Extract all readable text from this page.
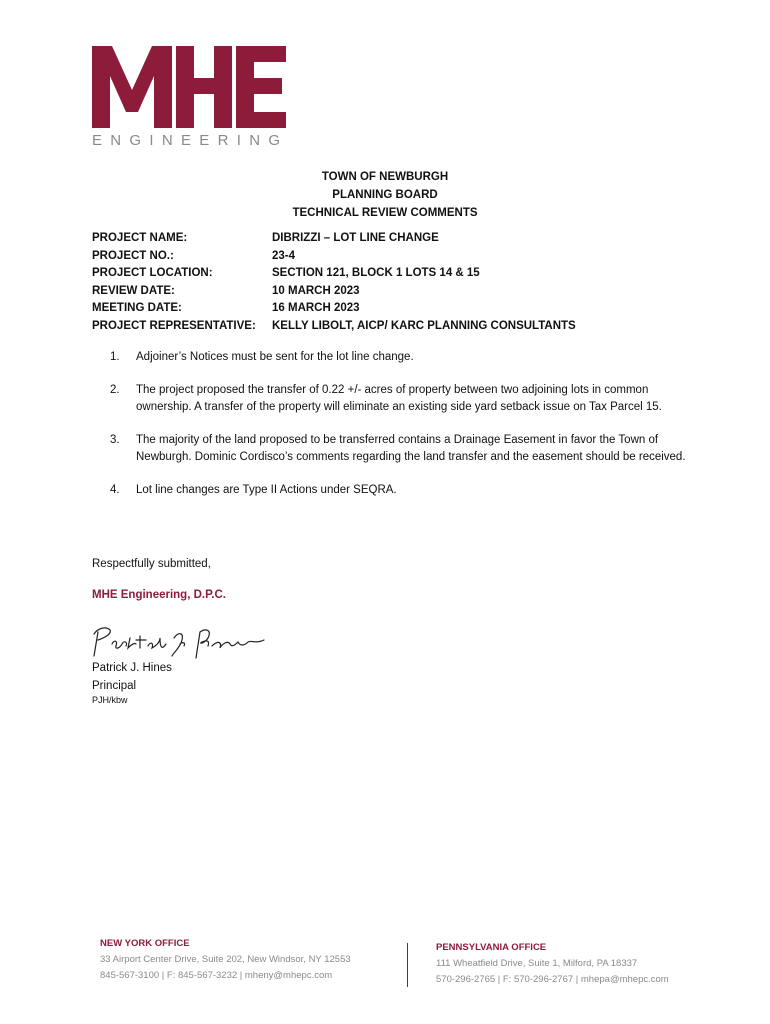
ENGINEERING
TOWN OF NEWBURGH
PLANNING BOARD
TECHNICAL REVIEW COMMENTS
PROJECT NAME:	DIBRIZZI – LOT LINE CHANGE
PROJECT NO.:	23-4
PROJECT LOCATION:	SECTION 121, BLOCK 1 LOTS 14 & 15
REVIEW DATE:	10 MARCH 2023
MEETING DATE:	16 MARCH 2023
PROJECT REPRESENTATIVE: KELLY LIBOLT, AICP/ KARC PLANNING CONSULTANTS
1. Adjoiner’s Notices must be sent for the lot line change.
2. The project proposed the transfer of 0.22 +/- acres of property between two adjoining lots in common ownership. A transfer of the property will eliminate an existing side yard setback issue on Tax Parcel 15.
3. The majority of the land proposed to be transferred contains a Drainage Easement in favor the Town of Newburgh. Dominic Cordisco’s comments regarding the land transfer and the easement should be received.
4. Lot line changes are Type II Actions under SEQRA.
Respectfully submitted,
MHE Engineering, D.P.C.
Patrick J. Hines
Principal
PJH/kbw
NEW YORK OFFICE
33 Airport Center Drive, Suite 202, New Windsor, NY 12553
845-567-3100 | F: 845-567-3232 | mheny@mhepc.com
PENNSYLVANIA OFFICE
111 Wheatfield Drive, Suite 1, Milford, PA 18337
570-296-2765 | F: 570-296-2767 | mhepa@mhepc.com
